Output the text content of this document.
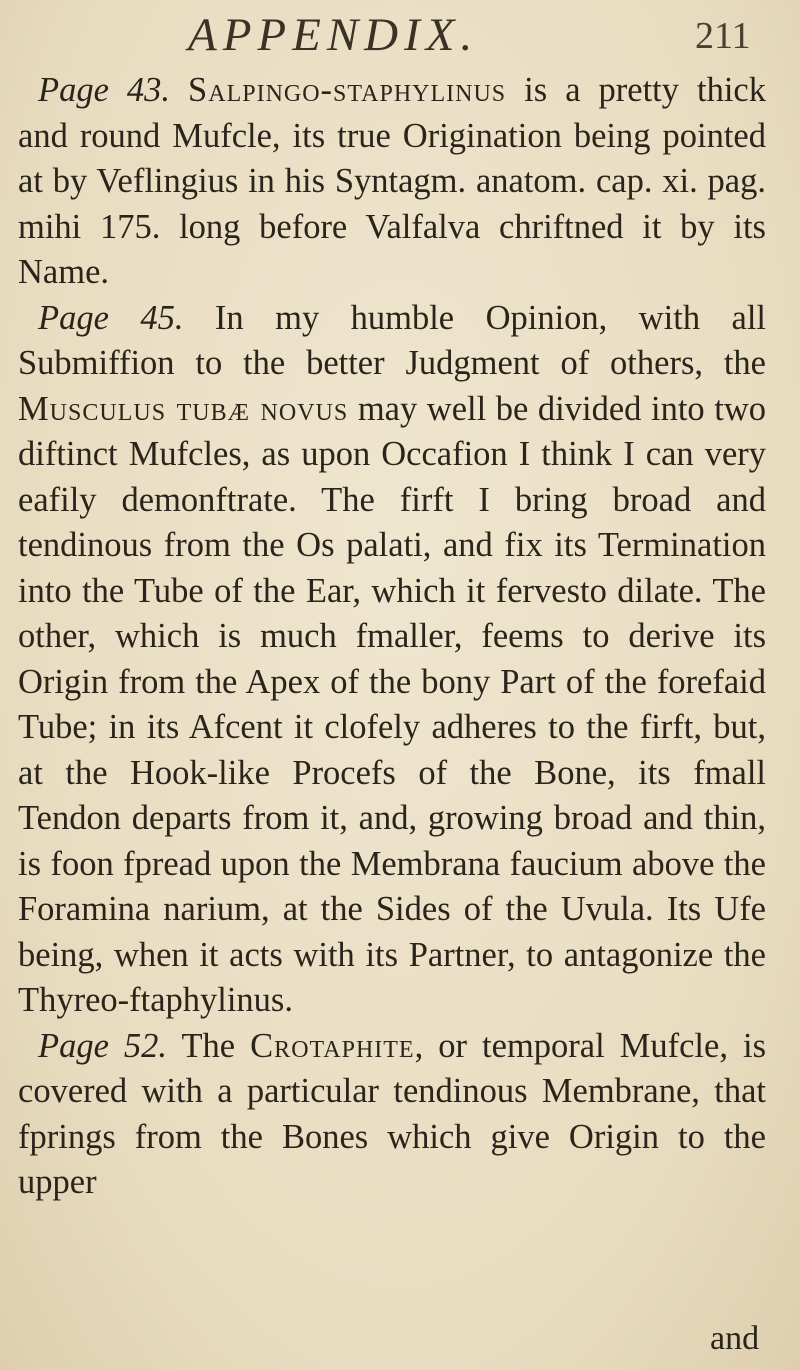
APPENDIX.	211

Page 43. Salpingo-staphylinus is a pretty thick and round Mufcle, its true Origination being pointed at by Veflingius in his Syntagm. anatom. cap. xi. pag. mihi 175. long before Valfalva chriftned it by its Name.

Page 45. In my humble Opinion, with all Submiffion to the better Judgment of others, the Musculus tubæ novus may well be divided into two diftinct Mufcles, as upon Occafion I think I can very eafily demonftrate. The firft I bring broad and tendinous from the Os palati, and fix its Termination into the Tube of the Ear, which it fervesto dilate. The other, which is much fmaller, feems to derive its Origin from the Apex of the bony Part of the forefaid Tube; in its Afcent it clofely adheres to the firft, but, at the Hook-like Procefs of the Bone, its fmall Tendon departs from it, and, growing broad and thin, is foon fpread upon the Membrana faucium above the Foramina narium, at the Sides of the Uvula. Its Ufe being, when it acts with its Partner, to antagonize the Thyreo-ftaphylinus.

Page 52. The Crotaphite, or temporal Mufcle, is covered with a particular tendinous Membrane, that fprings from the Bones which give Origin to the upper

and
